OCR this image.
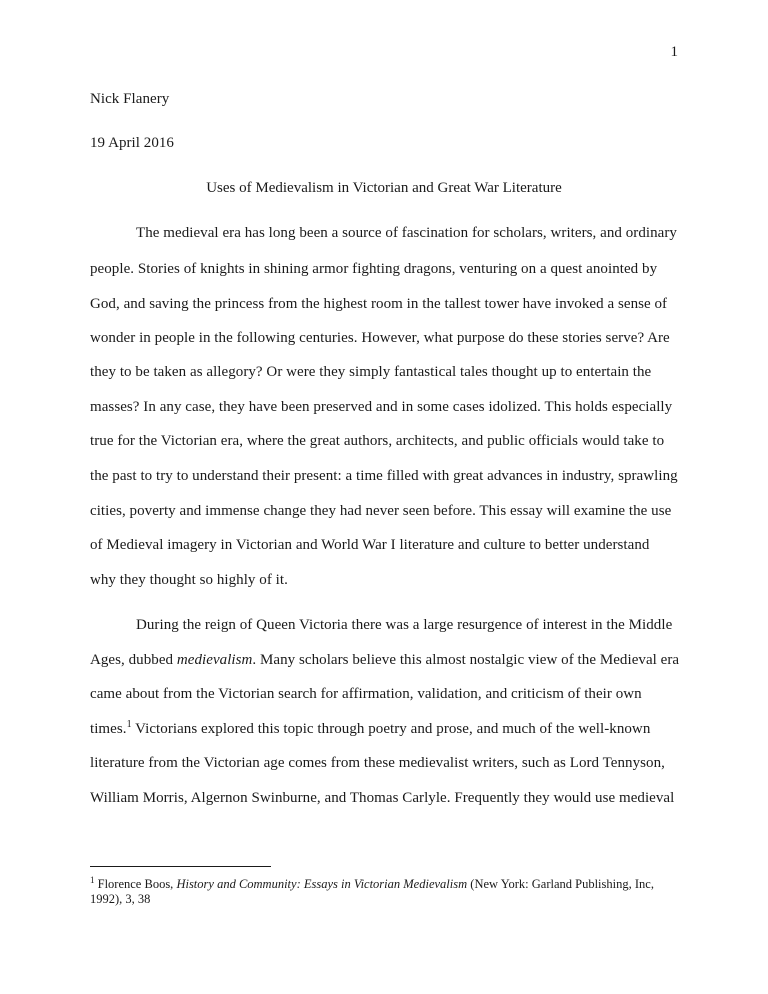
1
Nick Flanery
19 April 2016
Uses of Medievalism in Victorian and Great War Literature
The medieval era has long been a source of fascination for scholars, writers, and ordinary
people. Stories of knights in shining armor fighting dragons, venturing on a quest anointed by
God, and saving the princess from the highest room in the tallest tower have invoked a sense of
wonder in people in the following centuries. However, what purpose do these stories serve? Are
they to be taken as allegory? Or were they simply fantastical tales thought up to entertain the
masses? In any case, they have been preserved and in some cases idolized. This holds especially
true for the Victorian era, where the great authors, architects, and public officials would take to
the past to try to understand their present: a time filled with great advances in industry, sprawling
cities, poverty and immense change they had never seen before. This essay will examine the use
of Medieval imagery in Victorian and World War I literature and culture to better understand
why they thought so highly of it.
During the reign of Queen Victoria there was a large resurgence of interest in the Middle
Ages, dubbed medievalism. Many scholars believe this almost nostalgic view of the Medieval era
came about from the Victorian search for affirmation, validation, and criticism of their own
times.$^1$ Victorians explored this topic through poetry and prose, and much of the well-known
literature from the Victorian age comes from these medievalist writers, such as Lord Tennyson,
William Morris, Algernon Swinburne, and Thomas Carlyle. Frequently they would use medieval
$^1$ Florence Boos, History and Community: Essays in Victorian Medievalism (New York: Garland Publishing, Inc,
1992), 3, 38
